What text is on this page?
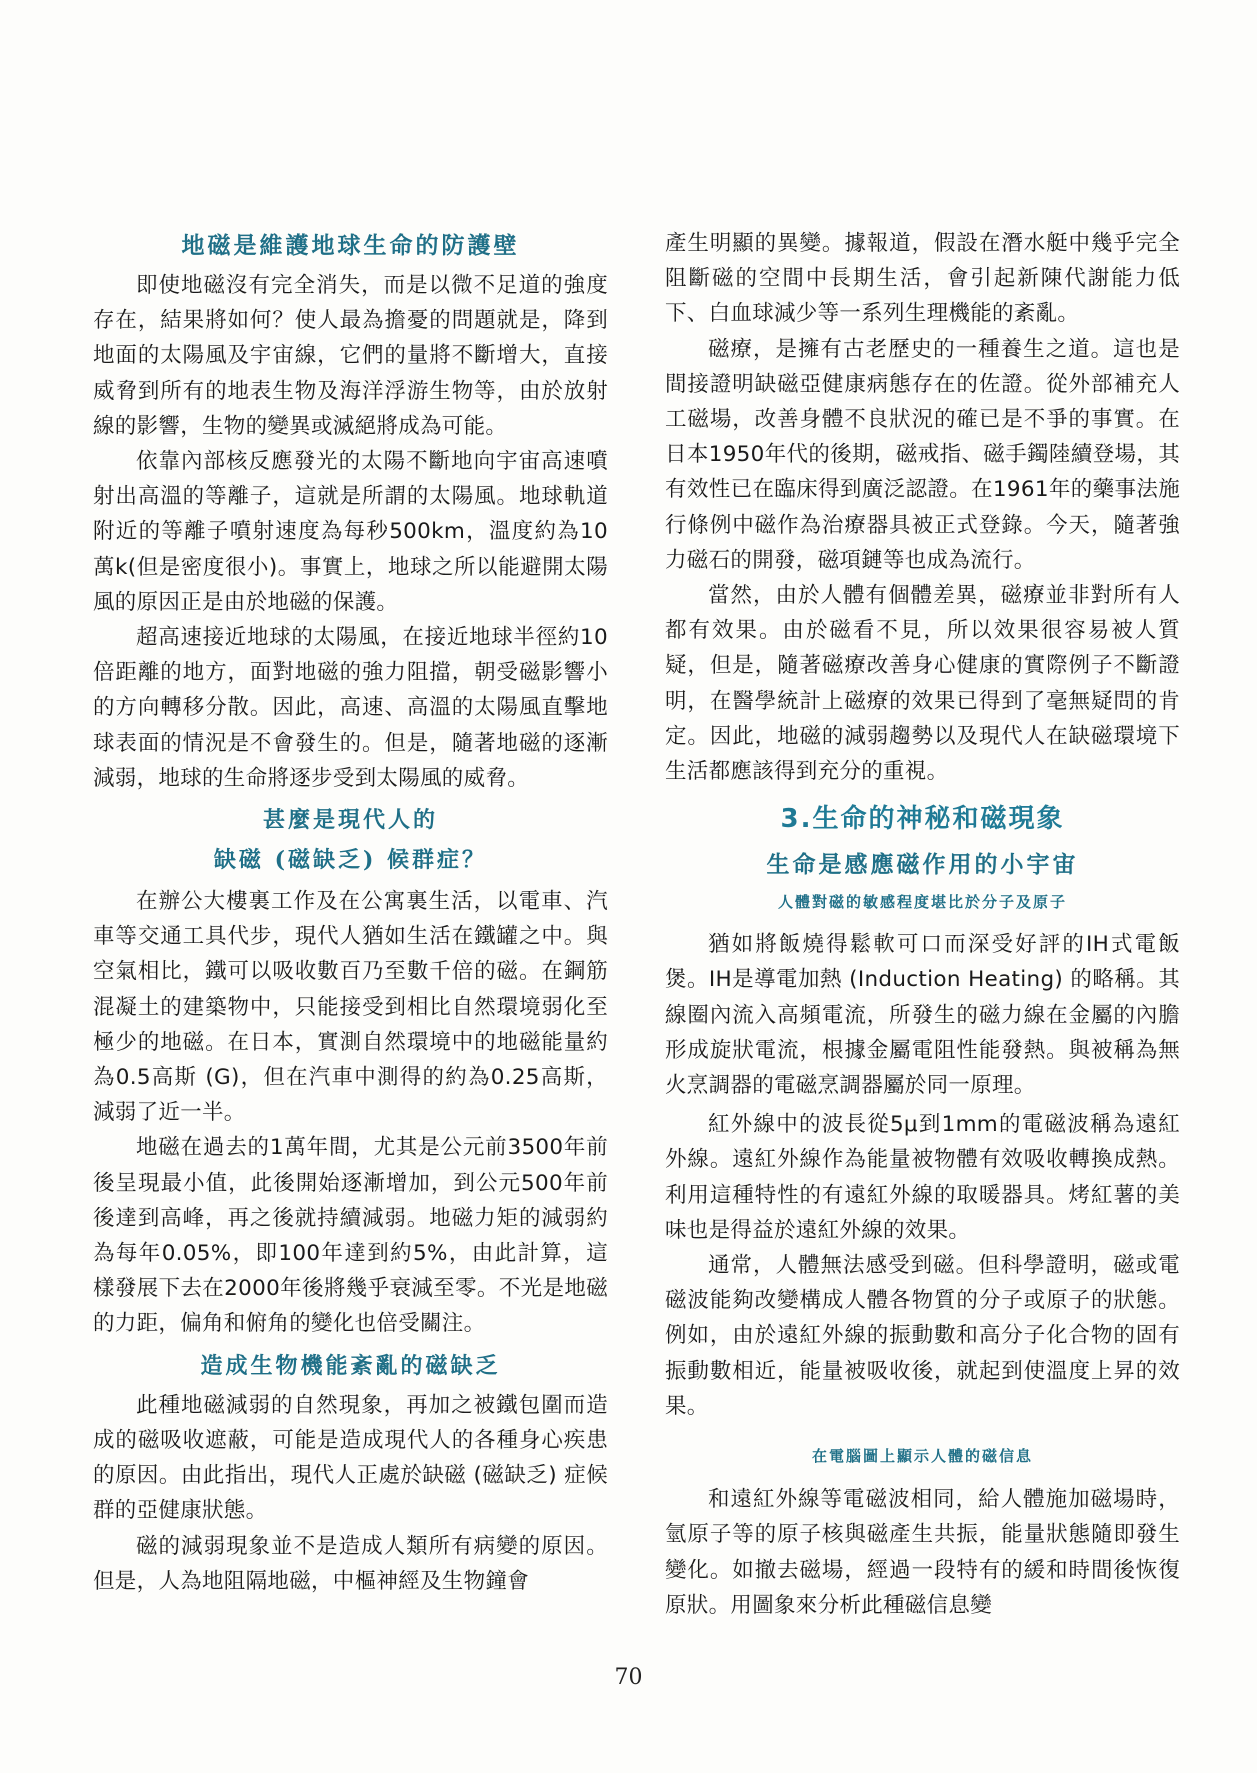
地磁是維護地球生命的防護壁

即使地磁沒有完全消失，而是以微不足道的強度存在，結果將如何？使人最為擔憂的問題就是，降到地面的太陽風及宇宙線，它們的量將不斷增大，直接威脅到所有的地表生物及海洋浮游生物等，由於放射線的影響，生物的變異或滅絕將成為可能。

依靠內部核反應發光的太陽不斷地向宇宙高速噴射出高溫的等離子，這就是所謂的太陽風。地球軌道附近的等離子噴射速度為每秒500km，溫度約為10萬k(但是密度很小)。事實上，地球之所以能避開太陽風的原因正是由於地磁的保護。

超高速接近地球的太陽風，在接近地球半徑約10倍距離的地方，面對地磁的強力阻擋，朝受磁影響小的方向轉移分散。因此，高速、高溫的太陽風直擊地球表面的情況是不會發生的。但是，隨著地磁的逐漸減弱，地球的生命將逐步受到太陽風的威脅。

甚麼是現代人的
缺磁 (磁缺乏) 候群症？

在辦公大樓裏工作及在公寓裏生活，以電車、汽車等交通工具代步，現代人猶如生活在鐵罐之中。與空氣相比，鐵可以吸收數百乃至數千倍的磁。在鋼筋混凝土的建築物中，只能接受到相比自然環境弱化至極少的地磁。在日本，實測自然環境中的地磁能量約為0.5高斯 (G)，但在汽車中測得的約為0.25高斯，減弱了近一半。

地磁在過去的1萬年間，尤其是公元前3500年前後呈現最小值，此後開始逐漸增加，到公元500年前後達到高峰，再之後就持續減弱。地磁力矩的減弱約為每年0.05%，即100年達到約5%，由此計算，這樣發展下去在2000年後將幾乎衰減至零。不光是地磁的力距，偏角和俯角的變化也倍受關注。

造成生物機能紊亂的磁缺乏

此種地磁減弱的自然現象，再加之被鐵包圍而造成的磁吸收遮蔽，可能是造成現代人的各種身心疾患的原因。由此指出，現代人正處於缺磁 (磁缺乏) 症候群的亞健康狀態。

磁的減弱現象並不是造成人類所有病變的原因。但是，人為地阻隔地磁，中樞神經及生物鐘會

產生明顯的異變。據報道，假設在潛水艇中幾乎完全阻斷磁的空間中長期生活，會引起新陳代謝能力低下、白血球減少等一系列生理機能的紊亂。

磁療，是擁有古老歷史的一種養生之道。這也是間接證明缺磁亞健康病態存在的佐證。從外部補充人工磁場，改善身體不良狀況的確已是不爭的事實。在日本1950年代的後期，磁戒指、磁手鐲陸續登場，其有效性已在臨床得到廣泛認證。在1961年的藥事法施行條例中磁作為治療器具被正式登錄。今天，隨著強力磁石的開發，磁項鏈等也成為流行。

當然，由於人體有個體差異，磁療並非對所有人都有效果。由於磁看不見，所以效果很容易被人質疑，但是，隨著磁療改善身心健康的實際例子不斷證明，在醫學統計上磁療的效果已得到了毫無疑問的肯定。因此，地磁的減弱趨勢以及現代人在缺磁環境下生活都應該得到充分的重視。

3.生命的神秘和磁現象
生命是感應磁作用的小宇宙
人體對磁的敏感程度堪比於分子及原子

猶如將飯燒得鬆軟可口而深受好評的IH式電飯煲。IH是導電加熱 (Induction Heating) 的略稱。其線圈內流入高頻電流，所發生的磁力線在金屬的內膽形成旋狀電流，根據金屬電阻性能發熱。與被稱為無火烹調器的電磁烹調器屬於同一原理。

紅外線中的波長從5μ到1mm的電磁波稱為遠紅外線。遠紅外線作為能量被物體有效吸收轉換成熱。利用這種特性的有遠紅外線的取暖器具。烤紅薯的美味也是得益於遠紅外線的效果。

通常，人體無法感受到磁。但科學證明，磁或電磁波能夠改變構成人體各物質的分子或原子的狀態。例如，由於遠紅外線的振動數和高分子化合物的固有振動數相近，能量被吸收後，就起到使溫度上昇的效果。

在電腦圖上顯示人體的磁信息

和遠紅外線等電磁波相同，給人體施加磁場時，氫原子等的原子核與磁產生共振，能量狀態隨即發生變化。如撤去磁場，經過一段特有的緩和時間後恢復原狀。用圖象來分析此種磁信息變

70
